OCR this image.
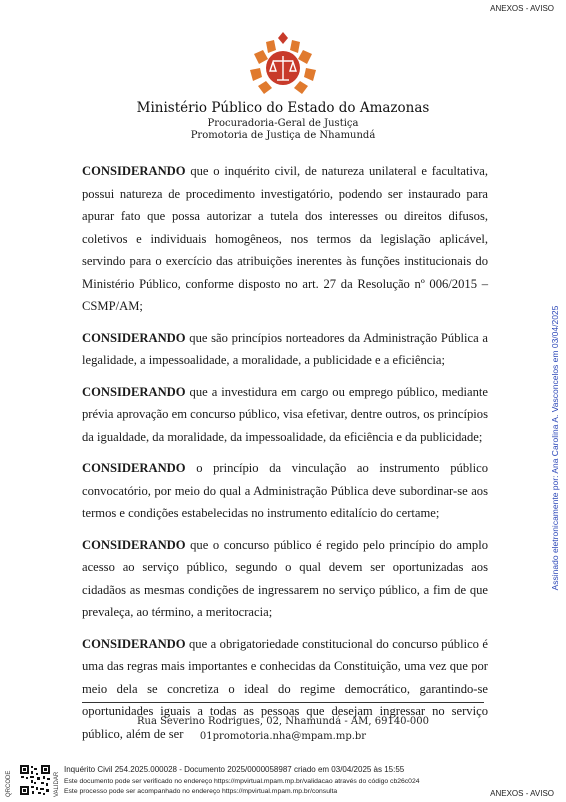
ANEXOS - AVISO
Ministério Público do Estado do Amazonas
Procuradoria-Geral de Justiça
Promotoria de Justiça de Nhamundá

CONSIDERANDO que o inquérito civil, de natureza unilateral e facultativa, possui natureza de procedimento investigatório, podendo ser instaurado para apurar fato que possa autorizar a tutela dos interesses ou direitos difusos, coletivos e individuais homogêneos, nos termos da legislação aplicável, servindo para o exercício das atribuições inerentes às funções institucionais do Ministério Público, conforme disposto no art. 27 da Resolução nº 006/2015 – CSMP/AM;

CONSIDERANDO que são princípios norteadores da Administração Pública a legalidade, a impessoalidade, a moralidade, a publicidade e a eficiência;

CONSIDERANDO que a investidura em cargo ou emprego público, mediante prévia aprovação em concurso público, visa efetivar, dentre outros, os princípios da igualdade, da moralidade, da impessoalidade, da eficiência e da publicidade;

CONSIDERANDO o princípio da vinculação ao instrumento público convocatório, por meio do qual a Administração Pública deve subordinar-se aos termos e condições estabelecidas no instrumento editalício do certame;

CONSIDERANDO que o concurso público é regido pelo princípio do amplo acesso ao serviço público, segundo o qual devem ser oportunizadas aos cidadãos as mesmas condições de ingressarem no serviço público, a fim de que prevaleça, ao término, a meritocracia;

CONSIDERANDO que a obrigatoriedade constitucional do concurso público é uma das regras mais importantes e conhecidas da Constituição, uma vez que por meio dela se concretiza o ideal do regime democrático, garantindo-se oportunidades iguais a todas as pessoas que desejam ingressar no serviço público, além de ser

Assinado eletronicamente por: Ana Carolina A. Vasconcelos em 03/04/2025
Rua Severino Rodrigues, 02, Nhamundá - AM, 69140-000
01promotoria.nha@mpam.mp.br
QRCODE	VALIDAR
Inquérito Civil 254.2025.000028 - Documento 2025/0000058987 criado em 03/04/2025 às 15:55
Este documento pode ser verificado no endereço https://mpvirtual.mpam.mp.br/validacao através do código cb26c024
Este processo pode ser acompanhado no endereço https://mpvirtual.mpam.mp.br/consulta	ANEXOS - AVISO
